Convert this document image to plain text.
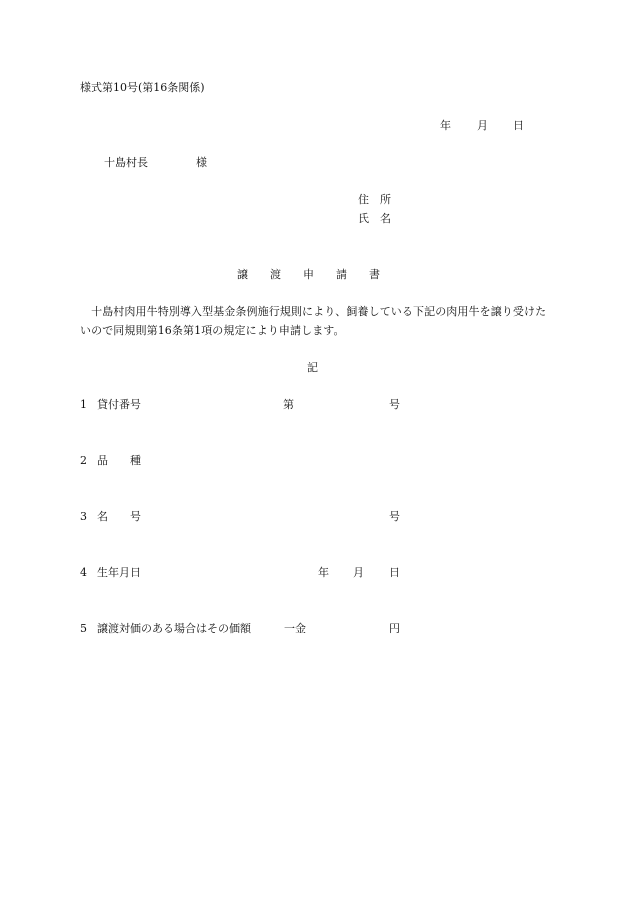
様式第10号(第16条関係)
年 月 日
十島村長	様
住　所
氏　名
譲　　渡　　申　　請　　書
　十島村肉用牛特別導入型基金条例施行規則により、飼養している下記の肉用牛を譲り受けたいので同規則第16条第1項の規定により申請します。
記
1 貸付番号	第	号
2 品　　種
3 名　　号	号
4 生年月日	年 月 日
5 譲渡対価のある場合はその価額	一金	円
